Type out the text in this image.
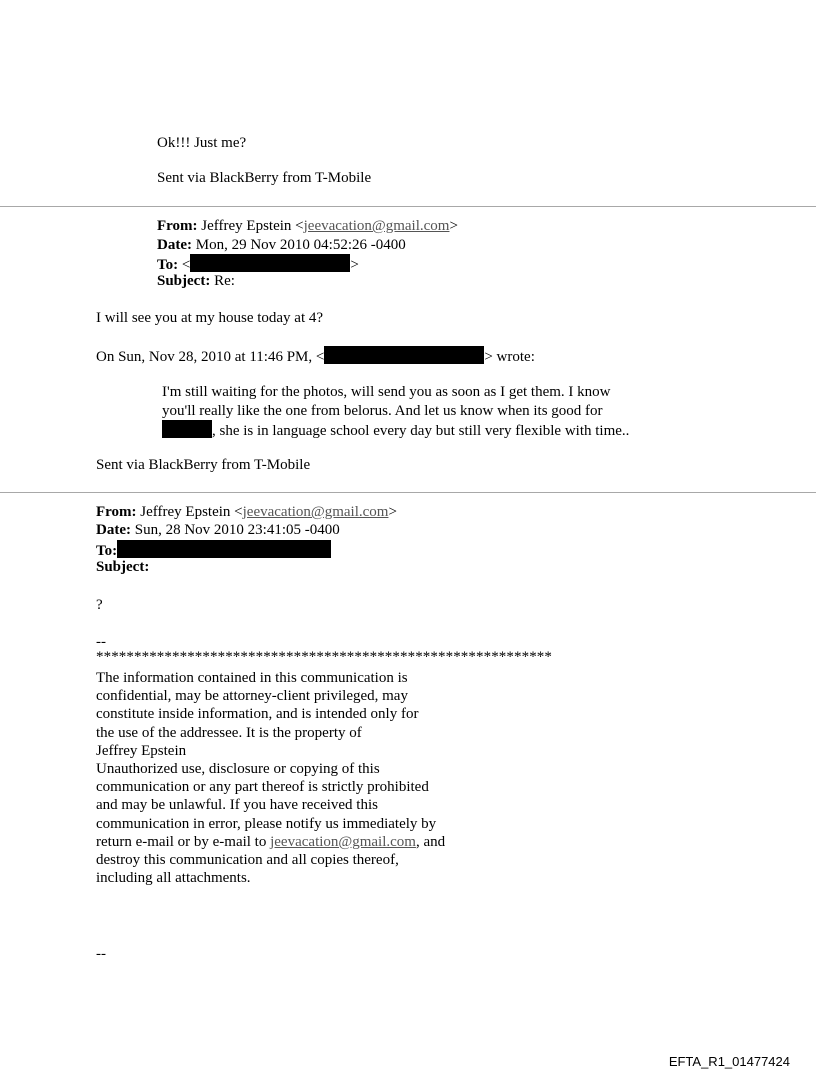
Ok!!! Just me?
Sent via BlackBerry from T-Mobile
From: Jeffrey Epstein <jeevacation@gmail.com>
Date: Mon, 29 Nov 2010 04:52:26 -0400
To: <	>
Subject: Re:
I will see you at my house today at 4?
On Sun, Nov 28, 2010 at 11:46 PM, <	> wrote:
I'm still waiting for the photos, will send you as soon as I get them. I know
you'll really like the one from belorus. And let us know when its good for
, she is in language school every day but still very flexible with time..
Sent via BlackBerry from T-Mobile
From: Jeffrey Epstein <jeevacation@gmail.com>
Date: Sun, 28 Nov 2010 23:41:05 -0400
To:
Subject:
?
--
************************************************************
The information contained in this communication is
confidential, may be attorney-client privileged, may
constitute inside information, and is intended only for
the use of the addressee. It is the property of
Jeffrey Epstein
Unauthorized use, disclosure or copying of this
communication or any part thereof is strictly prohibited
and may be unlawful. If you have received this
communication in error, please notify us immediately by
return e-mail or by e-mail to jeevacation@gmail.com, and
destroy this communication and all copies thereof,
including all attachments.
--
EFTA_R1_01477424
